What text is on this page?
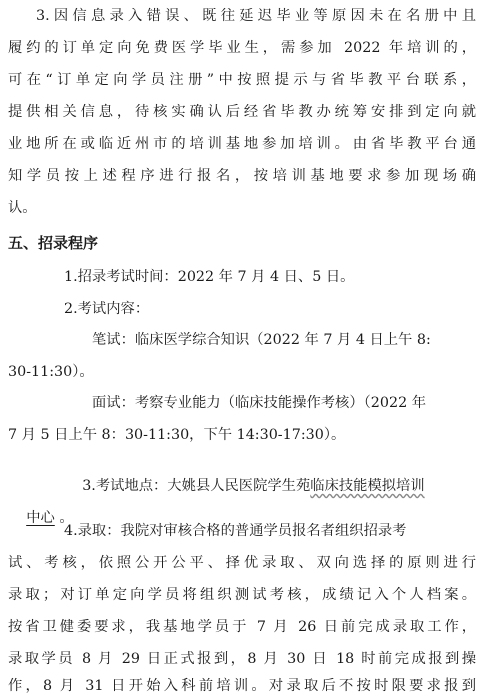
3.因信息录入错误、既往延迟毕业等原因未在名册中且
履约的订单定向免费医学毕业生，需参加 2022 年培训的，
可在“订单定向学员注册”中按照提示与省毕教平台联系，
提供相关信息，待核实确认后经省毕教办统筹安排到定向就
业地所在或临近州市的培训基地参加培训。由省毕教平台通
知学员按上述程序进行报名，按培训基地要求参加现场确
认。
五、招录程序
1.招录考试时间：2022 年 7 月 4 日、5 日。
2.考试内容：
笔试：临床医学综合知识（2022 年 7 月 4 日上午 8:
30-11:30）。
面试：考察专业能力（临床技能操作考核）（2022 年
7 月 5 日上午 8：30-11:30，下午 14:30-17:30）。

3.考试地点：大姚县人民医院学生苑临床技能模拟培训

中心 。

4.录取：我院对审核合格的普通学员报名者组织招录考
试、考核，依照公开公平、择优录取、双向选择的原则进行
录取；对订单定向学员将组织测试考核，成绩记入个人档案。
按省卫健委要求，我基地学员于 7 月 26 日前完成录取工作，
录取学员 8 月 29 日正式报到，8 月 30 日 18 时前完成报到操
作，8 月 31 日开始入科前培训。对录取后不按时限要求报到
